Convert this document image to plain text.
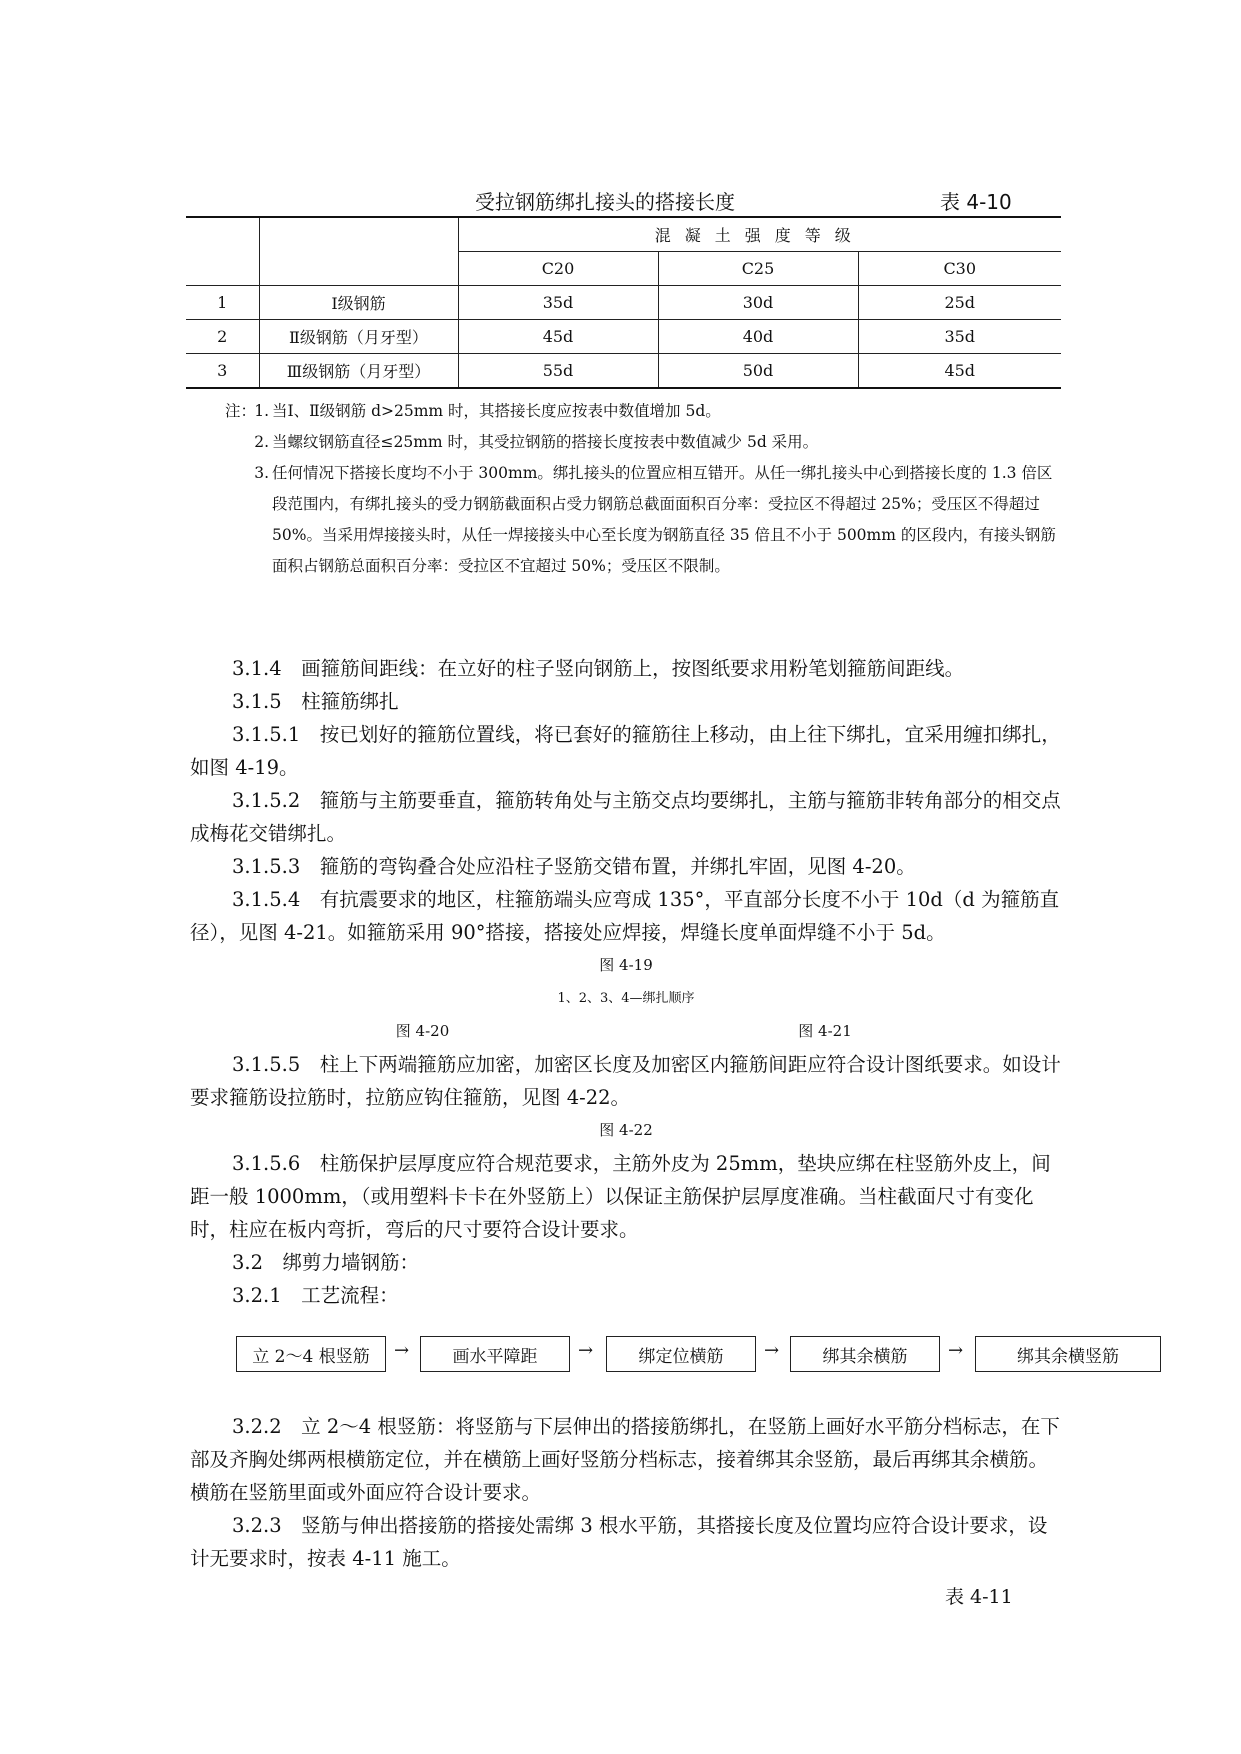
受拉钢筋绑扎接头的搭接长度	表 4-10
		混凝土强度等级		
		C20	C25	C30
1	Ⅰ级钢筋	35d	30d	25d
2	Ⅱ级钢筋（月牙型）	45d	40d	35d
3	Ⅲ级钢筋（月牙型）	55d	50d	45d
注：
1. 当Ⅰ、Ⅱ级钢筋 d>25mm 时，其搭接长度应按表中数值增加 5d。
2. 当螺纹钢筋直径≤25mm 时，其受拉钢筋的搭接长度按表中数值减少 5d 采用。
3. 任何情况下搭接长度均不小于 300mm。绑扎接头的位置应相互错开。从任一绑扎接头中心到搭接长度的 1.3 倍区段范围内，有绑扎接头的受力钢筋截面积占受力钢筋总截面面积百分率：受拉区不得超过 25%；受压区不得超过 50%。当采用焊接接头时，从任一焊接接头中心至长度为钢筋直径 35 倍且不小于 500mm 的区段内，有接头钢筋面积占钢筋总面积百分率：受拉区不宜超过 50%；受压区不限制。

3.1.4　画箍筋间距线：在立好的柱子竖向钢筋上，按图纸要求用粉笔划箍筋间距线。

3.1.5　柱箍筋绑扎

3.1.5.1　按已划好的箍筋位置线，将已套好的箍筋往上移动，由上往下绑扎，宜采用缠扣绑扎，如图 4-19。

3.1.5.2　箍筋与主筋要垂直，箍筋转角处与主筋交点均要绑扎，主筋与箍筋非转角部分的相交点成梅花交错绑扎。

3.1.5.3　箍筋的弯钩叠合处应沿柱子竖筋交错布置，并绑扎牢固，见图 4-20。

3.1.5.4　有抗震要求的地区，柱箍筋端头应弯成 135°，平直部分长度不小于 10d（d 为箍筋直径），见图 4-21。如箍筋采用 90°搭接，搭接处应焊接，焊缝长度单面焊缝不小于 5d。

图 4-19

1、2、3、4—绑扎顺序

图 4-20	图 4-21

3.1.5.5　柱上下两端箍筋应加密，加密区长度及加密区内箍筋间距应符合设计图纸要求。如设计要求箍筋设拉筋时，拉筋应钩住箍筋，见图 4-22。

图 4-22

3.1.5.6　柱筋保护层厚度应符合规范要求，主筋外皮为 25mm，垫块应绑在柱竖筋外皮上，间距一般 1000mm，（或用塑料卡卡在外竖筋上）以保证主筋保护层厚度准确。当柱截面尺寸有变化时，柱应在板内弯折，弯后的尺寸要符合设计要求。

3.2　绑剪力墙钢筋：

3.2.1　工艺流程：

立 2～4 根竖筋	→	画水平障距	→	绑定位横筋	→	绑其余横筋	→	绑其余横竖筋

3.2.2　立 2～4 根竖筋：将竖筋与下层伸出的搭接筋绑扎，在竖筋上画好水平筋分档标志，在下部及齐胸处绑两根横筋定位，并在横筋上画好竖筋分档标志，接着绑其余竖筋，最后再绑其余横筋。横筋在竖筋里面或外面应符合设计要求。

3.2.3　竖筋与伸出搭接筋的搭接处需绑 3 根水平筋，其搭接长度及位置均应符合设计要求，设计无要求时，按表 4-11 施工。

表 4-11
